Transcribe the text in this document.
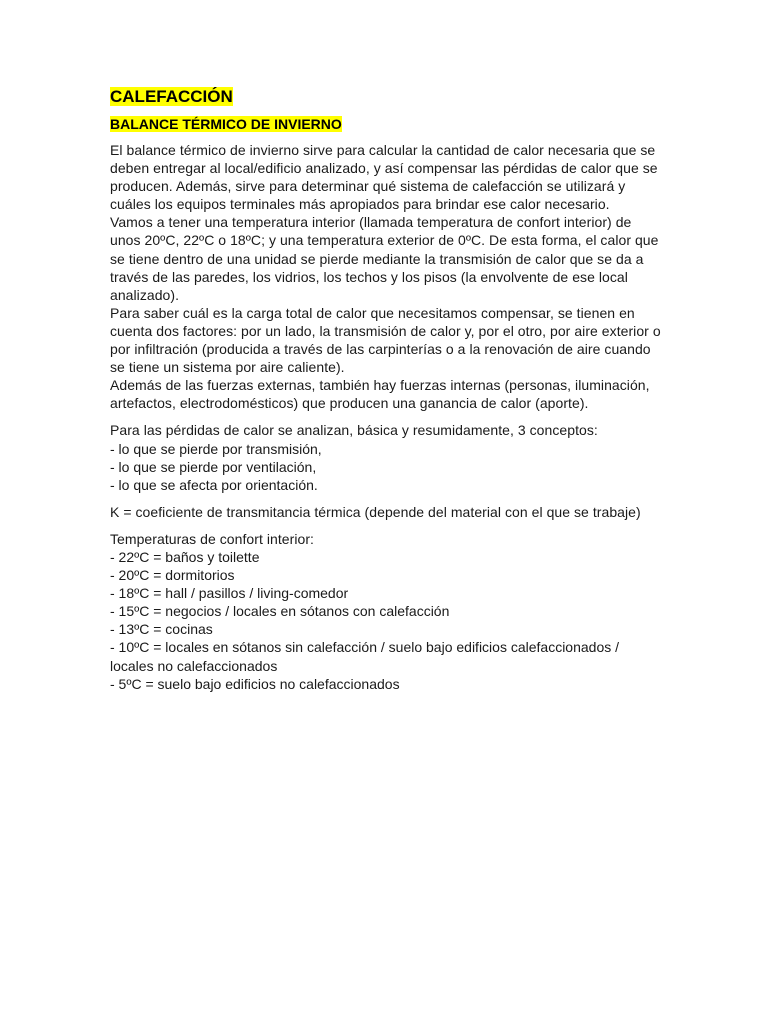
CALEFACCIÓN
BALANCE TÉRMICO DE INVIERNO

El balance térmico de invierno sirve para calcular la cantidad de calor necesaria que se deben entregar al local/edificio analizado, y así compensar las pérdidas de calor que se producen. Además, sirve para determinar qué sistema de calefacción se utilizará y cuáles los equipos terminales más apropiados para brindar ese calor necesario.

Vamos a tener una temperatura interior (llamada temperatura de confort interior) de unos 20ºC, 22ºC o 18ºC; y una temperatura exterior de 0ºC. De esta forma, el calor que se tiene dentro de una unidad se pierde mediante la transmisión de calor que se da a través de las paredes, los vidrios, los techos y los pisos (la envolvente de ese local analizado).

Para saber cuál es la carga total de calor que necesitamos compensar, se tienen en cuenta dos factores: por un lado, la transmisión de calor y, por el otro, por aire exterior o por infiltración (producida a través de las carpinterías o a la renovación de aire cuando se tiene un sistema por aire caliente).

Además de las fuerzas externas, también hay fuerzas internas (personas, iluminación, artefactos, electrodomésticos) que producen una ganancia de calor (aporte).

Para las pérdidas de calor se analizan, básica y resumidamente, 3 conceptos:

- lo que se pierde por transmisión,
- lo que se pierde por ventilación,
- lo que se afecta por orientación.

K = coeficiente de transmitancia térmica (depende del material con el que se trabaje)

Temperaturas de confort interior:

- 22ºC = baños y toilette
- 20ºC = dormitorios
- 18ºC = hall / pasillos / living-comedor
- 15ºC = negocios / locales en sótanos con calefacción
- 13ºC = cocinas
- 10ºC = locales en sótanos sin calefacción / suelo bajo edificios calefaccionados / locales no calefaccionados
- 5ºC = suelo bajo edificios no calefaccionados
